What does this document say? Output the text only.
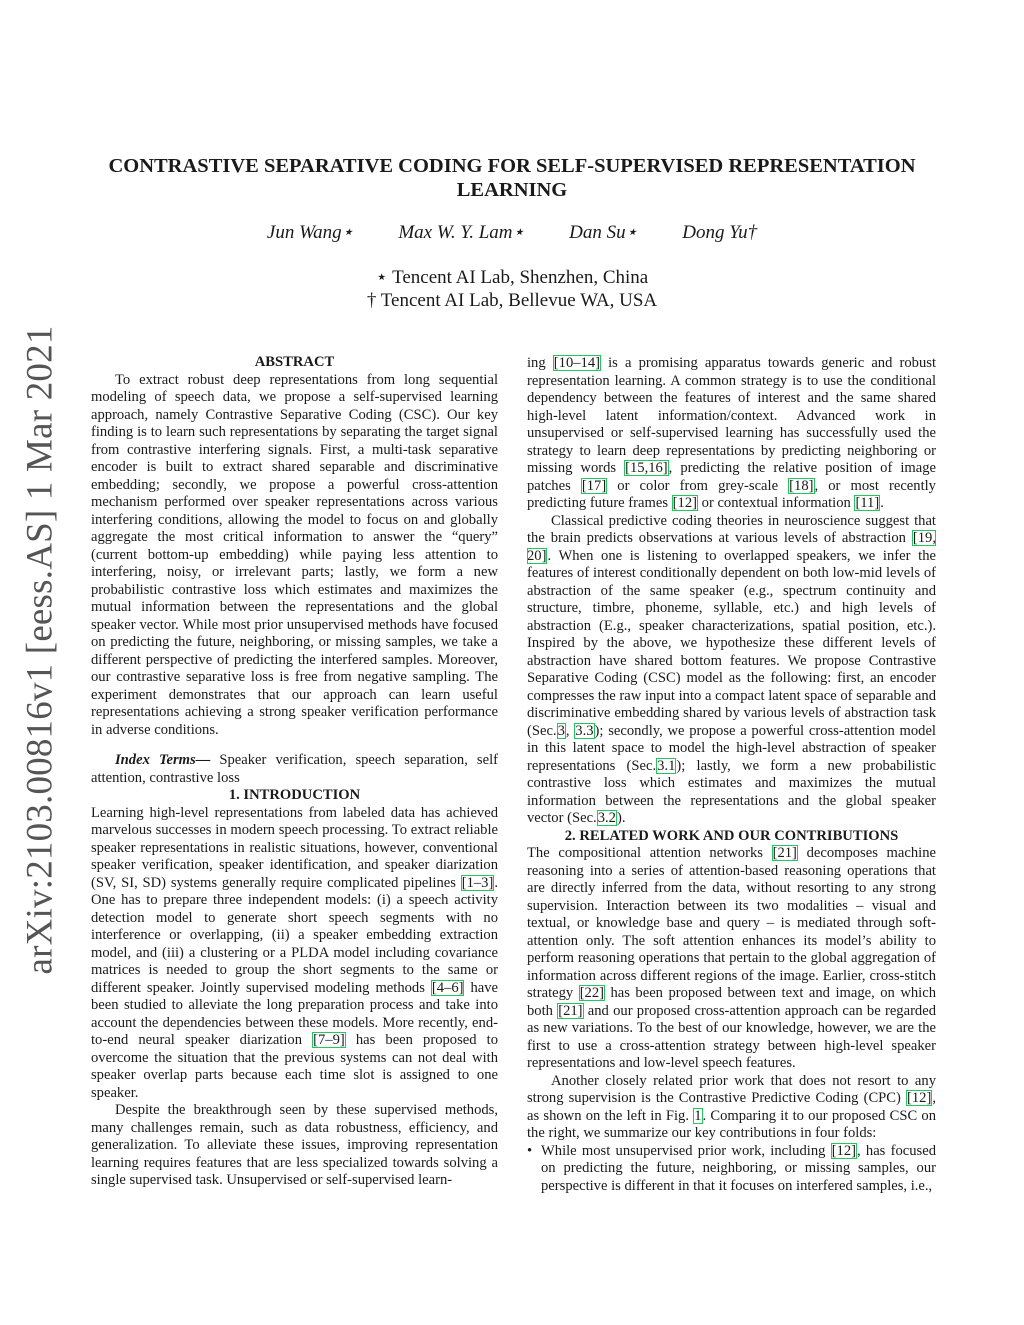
arXiv:2103.00816v1 [eess.AS] 1 Mar 2021
CONTRASTIVE SEPARATIVE CODING FOR SELF-SUPERVISED REPRESENTATION LEARNING
Jun Wang⋆ Max W. Y. Lam⋆ Dan Su⋆ Dong Yu†
⋆ Tencent AI Lab, Shenzhen, China
† Tencent AI Lab, Bellevue WA, USA

ABSTRACT

To extract robust deep representations from long sequential modeling of speech data, we propose a self-supervised learning approach, namely Contrastive Separative Coding (CSC). Our key finding is to learn such representations by separating the target signal from contrastive interfering signals. First, a multi-task separative encoder is built to extract shared separable and discriminative embedding; secondly, we propose a powerful cross-attention mechanism performed over speaker representations across various interfering conditions, allowing the model to focus on and globally aggregate the most critical information to answer the “query” (current bottom-up embedding) while paying less attention to interfering, noisy, or irrelevant parts; lastly, we form a new probabilistic contrastive loss which estimates and maximizes the mutual information between the representations and the global speaker vector. While most prior unsupervised methods have focused on predicting the future, neighboring, or missing samples, we take a different perspective of predicting the interfered samples. Moreover, our contrastive separative loss is free from negative sampling. The experiment demonstrates that our approach can learn useful representations achieving a strong speaker verification performance in adverse conditions.

Index Terms— Speaker verification, speech separation, self attention, contrastive loss

1. INTRODUCTION

Learning high-level representations from labeled data has achieved marvelous successes in modern speech processing. To extract reliable speaker representations in realistic situations, however, conventional speaker verification, speaker identification, and speaker diarization (SV, SI, SD) systems generally require complicated pipelines [1–3]. One has to prepare three independent models: (i) a speech activity detection model to generate short speech segments with no interference or overlapping, (ii) a speaker embedding extraction model, and (iii) a clustering or a PLDA model including covariance matrices is needed to group the short segments to the same or different speaker. Jointly supervised modeling methods [4–6] have been studied to alleviate the long preparation process and take into account the dependencies between these models. More recently, end-to-end neural speaker diarization [7–9] has been proposed to overcome the situation that the previous systems can not deal with speaker overlap parts because each time slot is assigned to one speaker.

Despite the breakthrough seen by these supervised methods, many challenges remain, such as data robustness, efficiency, and generalization. To alleviate these issues, improving representation learning requires features that are less specialized towards solving a single supervised task. Unsupervised or self-supervised learn-

ing [10–14] is a promising apparatus towards generic and robust representation learning. A common strategy is to use the conditional dependency between the features of interest and the same shared high-level latent information/context. Advanced work in unsupervised or self-supervised learning has successfully used the strategy to learn deep representations by predicting neighboring or missing words [15,16], predicting the relative position of image patches [17] or color from grey-scale [18], or most recently predicting future frames [12] or contextual information [11].

Classical predictive coding theories in neuroscience suggest that the brain predicts observations at various levels of abstraction [19, 20]. When one is listening to overlapped speakers, we infer the features of interest conditionally dependent on both low-mid levels of abstraction of the same speaker (e.g., spectrum continuity and structure, timbre, phoneme, syllable, etc.) and high levels of abstraction (E.g., speaker characterizations, spatial position, etc.). Inspired by the above, we hypothesize these different levels of abstraction have shared bottom features. We propose Contrastive Separative Coding (CSC) model as the following: first, an encoder compresses the raw input into a compact latent space of separable and discriminative embedding shared by various levels of abstraction task (Sec.3, 3.3); secondly, we propose a powerful cross-attention model in this latent space to model the high-level abstraction of speaker representations (Sec.3.1); lastly, we form a new probabilistic contrastive loss which estimates and maximizes the mutual information between the representations and the global speaker vector (Sec.3.2).

2. RELATED WORK AND OUR CONTRIBUTIONS

The compositional attention networks [21] decomposes machine reasoning into a series of attention-based reasoning operations that are directly inferred from the data, without resorting to any strong supervision. Interaction between its two modalities – visual and textual, or knowledge base and query – is mediated through soft-attention only. The soft attention enhances its model’s ability to perform reasoning operations that pertain to the global aggregation of information across different regions of the image. Earlier, cross-stitch strategy [22] has been proposed between text and image, on which both [21] and our proposed cross-attention approach can be regarded as new variations. To the best of our knowledge, however, we are the first to use a cross-attention strategy between high-level speaker representations and low-level speech features.

Another closely related prior work that does not resort to any strong supervision is the Contrastive Predictive Coding (CPC) [12], as shown on the left in Fig. 1. Comparing it to our proposed CSC on the right, we summarize our key contributions in four folds:

• While most unsupervised prior work, including [12], has focused on predicting the future, neighboring, or missing samples, our perspective is different in that it focuses on interfered samples, i.e.,
